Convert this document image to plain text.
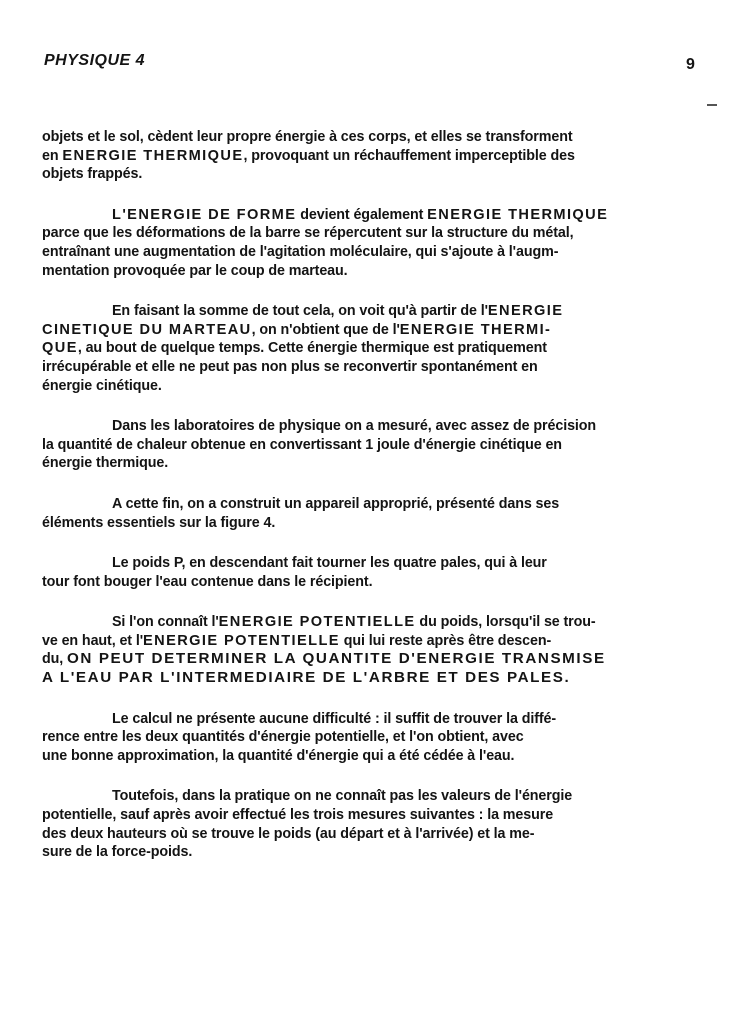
PHYSIQUE 4	9

objets et le sol, cèdent leur propre énergie à ces corps, et elles se transforment
en ENERGIE THERMIQUE, provoquant un réchauffement imperceptible des
objets frappés.

L'ENERGIE DE FORME devient également ENERGIE THERMIQUE
parce que les déformations de la barre se répercutent sur la structure du métal,
entraînant une augmentation de l'agitation moléculaire, qui s'ajoute à l'augm-
mentation provoquée par le coup de marteau.

En faisant la somme de tout cela, on voit qu'à partir de l'ENERGIE
CINETIQUE DU MARTEAU, on n'obtient que de l'ENERGIE THERMI-
QUE, au bout de quelque temps. Cette énergie thermique est pratiquement
irrécupérable et elle ne peut pas non plus se reconvertir spontanément en
énergie cinétique.

Dans les laboratoires de physique on a mesuré, avec assez de précision
la quantité de chaleur obtenue en convertissant 1 joule d'énergie cinétique en
énergie thermique.

A cette fin, on a construit un appareil approprié, présenté dans ses
éléments essentiels sur la figure 4.

Le poids P, en descendant fait tourner les quatre pales, qui à leur
tour font bouger l'eau contenue dans le récipient.

Si l'on connaît l'ENERGIE POTENTIELLE du poids, lorsqu'il se trou-
ve en haut, et l'ENERGIE POTENTIELLE qui lui reste après être descen-
du, ON PEUT DETERMINER LA QUANTITE D'ENERGIE TRANSMISE
A L'EAU PAR L'INTERMEDIAIRE DE L'ARBRE ET DES PALES.

Le calcul ne présente aucune difficulté : il suffit de trouver la diffé-
rence entre les deux quantités d'énergie potentielle, et l'on obtient, avec
une bonne approximation, la quantité d'énergie qui a été cédée à l'eau.

Toutefois, dans la pratique on ne connaît pas les valeurs de l'énergie
potentielle, sauf après avoir effectué les trois mesures suivantes : la mesure
des deux hauteurs où se trouve le poids (au départ et à l'arrivée) et la me-
sure de la force-poids.
